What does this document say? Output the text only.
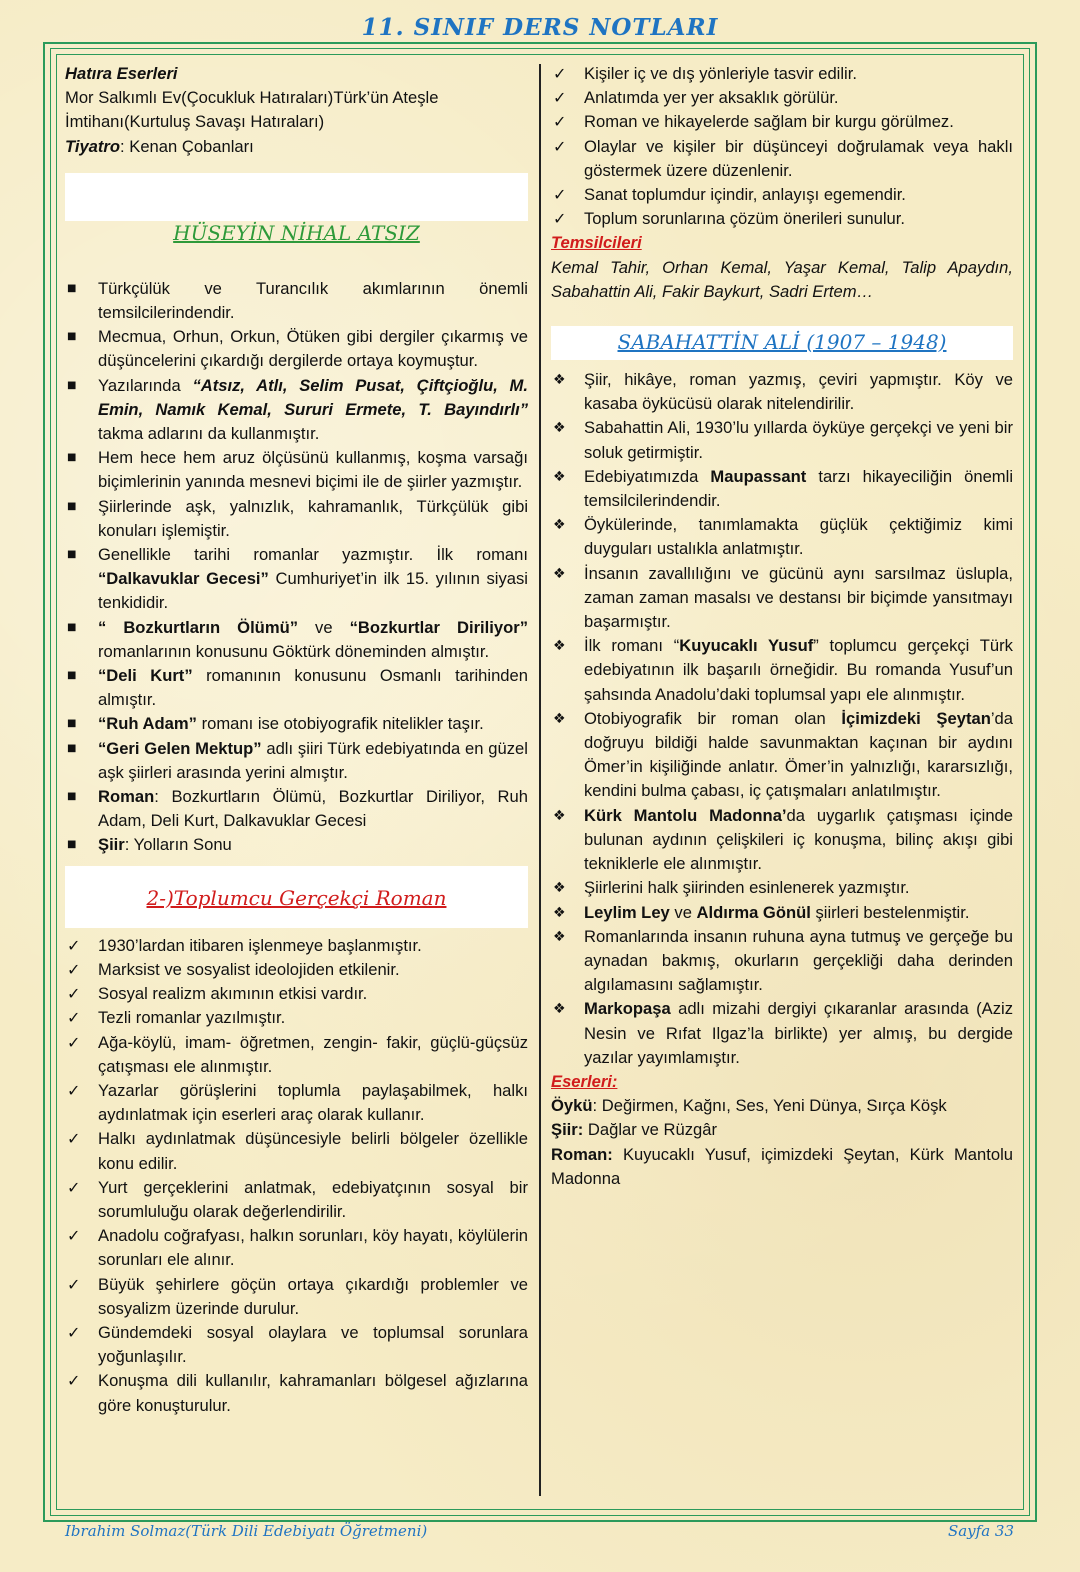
11. SINIF DERS NOTLARI

Hatıra Eserleri

Mor Salkımlı Ev(Çocukluk Hatıraları)Türk’ün Ateşle İmtihanı(Kurtuluş Savaşı Hatıraları)

Tiyatro: Kenan Çobanları

HÜSEYİN NİHAL ATSIZ
■	Türkçülük ve Turancılık akımlarının önemli temsilcilerindendir.
■	Mecmua, Orhun, Orkun, Ötüken gibi dergiler çıkarmış ve düşüncelerini çıkardığı dergilerde ortaya koymuştur.
■	Yazılarında “Atsız, Atlı, Selim Pusat, Çiftçioğlu, M. Emin, Namık Kemal, Sururi Ermete, T. Bayındırlı” takma adlarını da kullanmıştır.
■	Hem hece hem aruz ölçüsünü kullanmış, koşma varsağı biçimlerinin yanında mesnevi biçimi ile de şiirler yazmıştır.
■	Şiirlerinde aşk, yalnızlık, kahramanlık, Türkçülük gibi konuları işlemiştir.
■	Genellikle tarihi romanlar yazmıştır. İlk romanı “Dalkavuklar Gecesi” Cumhuriyet’in ilk 15. yılının siyasi tenkididir.
■	“ Bozkurtların Ölümü” ve “Bozkurtlar Diriliyor” romanlarının konusunu Göktürk döneminden almıştır.
■	“Deli Kurt” romanının konusunu Osmanlı tarihinden almıştır.
■	“Ruh Adam” romanı ise otobiyografik nitelikler taşır.
■	“Geri Gelen Mektup” adlı şiiri Türk edebiyatında en güzel aşk şiirleri arasında yerini almıştır.
■	Roman: Bozkurtların Ölümü, Bozkurtlar Diriliyor, Ruh Adam, Deli Kurt, Dalkavuklar Gecesi
■	Şiir: Yolların Sonu
2-)Toplumcu Gerçekçi Roman
✓	1930’lardan itibaren işlenmeye başlanmıştır.
✓	Marksist ve sosyalist ideolojiden etkilenir.
✓	Sosyal realizm akımının etkisi vardır.
✓	Tezli romanlar yazılmıştır.
✓	Ağa-köylü, imam- öğretmen, zengin- fakir, güçlü-güçsüz çatışması ele alınmıştır.
✓	Yazarlar görüşlerini toplumla paylaşabilmek, halkı aydınlatmak için eserleri araç olarak kullanır.
✓	Halkı aydınlatmak düşüncesiyle belirli bölgeler özellikle konu edilir.
✓	Yurt gerçeklerini anlatmak, edebiyatçının sosyal bir sorumluluğu olarak değerlendirilir.
✓	Anadolu coğrafyası, halkın sorunları, köy hayatı, köylülerin sorunları ele alınır.
✓	Büyük şehirlere göçün ortaya çıkardığı problemler ve sosyalizm üzerinde durulur.
✓	Gündemdeki sosyal olaylara ve toplumsal sorunlara yoğunlaşılır.
✓	Konuşma dili kullanılır, kahramanları bölgesel ağızlarına göre konuşturulur.
✓	Kişiler iç ve dış yönleriyle tasvir edilir.
✓	Anlatımda yer yer aksaklık görülür.
✓	Roman ve hikayelerde sağlam bir kurgu görülmez.
✓	Olaylar ve kişiler bir düşünceyi doğrulamak veya haklı göstermek üzere düzenlenir.
✓	Sanat toplumdur içindir, anlayışı egemendir.
✓	Toplum sorunlarına çözüm önerileri sunulur.

Temsilcileri

Kemal Tahir, Orhan Kemal, Yaşar Kemal, Talip Apaydın, Sabahattin Ali, Fakir Baykurt, Sadri Ertem…

SABAHATTİN ALİ (1907 – 1948)
❖	Şiir, hikâye, roman yazmış, çeviri yapmıştır. Köy ve kasaba öykücüsü olarak nitelendirilir.
❖	Sabahattin Ali, 1930’lu yıllarda öyküye gerçekçi ve yeni bir soluk getirmiştir.
❖	Edebiyatımızda Maupassant tarzı hikayeciliğin önemli temsilcilerindendir.
❖	Öykülerinde, tanımlamakta güçlük çektiğimiz kimi duyguları ustalıkla anlatmıştır.
❖	İnsanın zavallılığını ve gücünü aynı sarsılmaz üslupla, zaman zaman masalsı ve destansı bir biçimde yansıtmayı başarmıştır.
❖	İlk romanı “Kuyucaklı Yusuf” toplumcu gerçekçi Türk edebiyatının ilk başarılı örneğidir. Bu romanda Yusuf’un şahsında Anadolu’daki toplumsal yapı ele alınmıştır.
❖	Otobiyografik bir roman olan İçimizdeki Şeytan’da doğruyu bildiği halde savunmaktan kaçınan bir aydını Ömer’in kişiliğinde anlatır. Ömer’in yalnızlığı, kararsızlığı, kendini bulma çabası, iç çatışmaları anlatılmıştır.
❖	Kürk Mantolu Madonna’da uygarlık çatışması içinde bulunan aydının çelişkileri iç konuşma, bilinç akışı gibi tekniklerle ele alınmıştır.
❖	Şiirlerini halk şiirinden esinlenerek yazmıştır.
❖	Leylim Ley ve Aldırma Gönül şiirleri bestelenmiştir.
❖	Romanlarında insanın ruhuna ayna tutmuş ve gerçeğe bu aynadan bakmış, okurların gerçekliği daha derinden algılamasını sağlamıştır.
❖	Markopaşa adlı mizahi dergiyi çıkaranlar arasında (Aziz Nesin ve Rıfat Ilgaz’la birlikte) yer almış, bu dergide yazılar yayımlamıştır.

Eserleri:

Öykü: Değirmen, Kağnı, Ses, Yeni Dünya, Sırça Köşk

Şiir: Dağlar ve Rüzgâr

Roman: Kuyucaklı Yusuf, içimizdeki Şeytan, Kürk Mantolu Madonna

Ibrahim Solmaz(Türk Dili Edebiyatı Öğretmeni)	Sayfa 33
